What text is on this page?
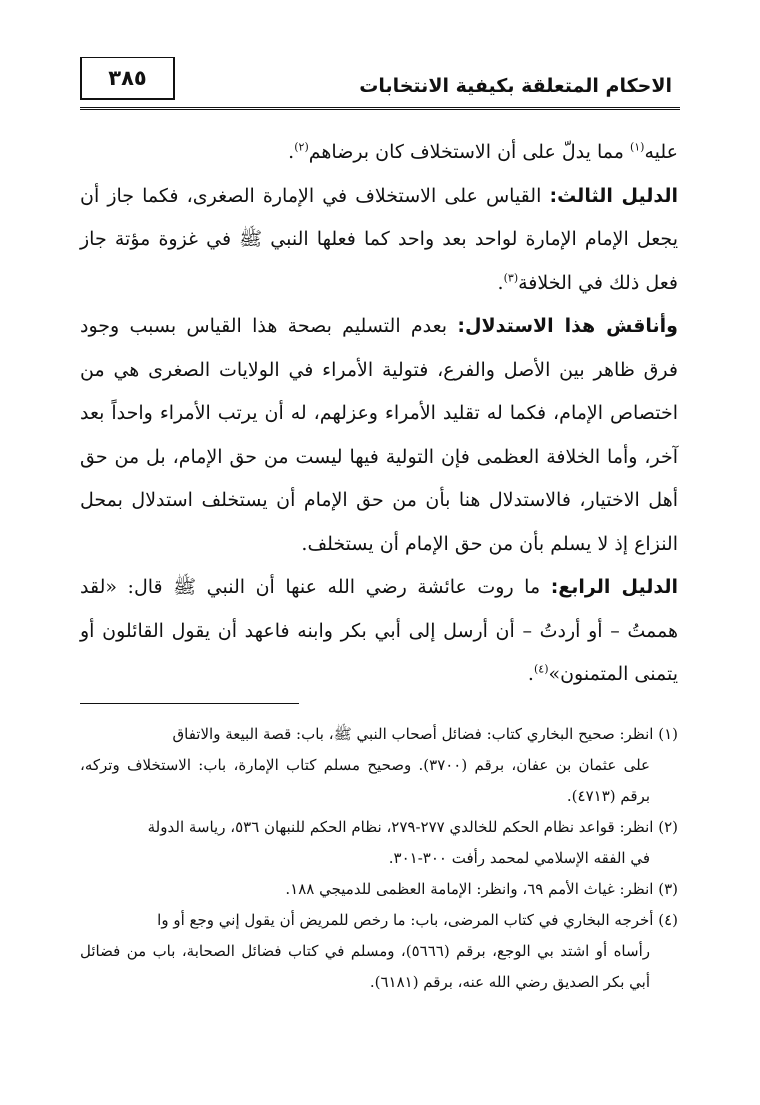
الاحكام المتعلقة بكيفية الانتخابات
٣٨٥

عليه$^{(١)}$ مما يدلّ على أن الاستخلاف كان برضاهم$^{(٢)}$.

الدليل الثالث: القياس على الاستخلاف في الإمارة الصغرى، فكما جاز أن يجعل الإمام الإمارة لواحد بعد واحد كما فعلها النبي ﷺ في غزوة مؤتة جاز فعل ذلك في الخلافة$^{(٣)}$.

وأناقش هذا الاستدلال: بعدم التسليم بصحة هذا القياس بسبب وجود فرق ظاهر بين الأصل والفرع، فتولية الأمراء في الولايات الصغرى هي من اختصاص الإمام، فكما له تقليد الأمراء وعزلهم، له أن يرتب الأمراء واحداً بعد آخر، وأما الخلافة العظمى فإن التولية فيها ليست من حق الإمام، بل من حق أهل الاختيار، فالاستدلال هنا بأن من حق الإمام أن يستخلف استدلال بمحل النزاع إذ لا يسلم بأن من حق الإمام أن يستخلف.

الدليل الرابع: ما روت عائشة رضي الله عنها أن النبي ﷺ قال: «لقد هممتُ – أو أردتُ – أن أرسل إلى أبي بكر وابنه فاعهد أن يقول القائلون أو يتمنى المتمنون»$^{(٤)}$.

(١) انظر: صحيح البخاري كتاب: فضائل أصحاب النبي ﷺ، باب: قصة البيعة والاتفاق

على عثمان بن عفان، برقم (٣٧٠٠). وصحيح مسلم كتاب الإمارة، باب: الاستخلاف وتركه، برقم (٤٧١٣).

(٢) انظر: قواعد نظام الحكم للخالدي ٢٧٧-٢٧٩، نظام الحكم للنبهان ٥٣٦، رياسة الدولة

في الفقه الإسلامي لمحمد رأفت ٣٠٠-٣٠١.

(٣) انظر: غياث الأمم ٦٩، وانظر: الإمامة العظمى للدميجي ١٨٨.

(٤) أخرجه البخاري في كتاب المرضى، باب: ما رخص للمريض أن يقول إني وجع أو وا

رأساه أو اشتد بي الوجع، برقم (٥٦٦٦)، ومسلم في كتاب فضائل الصحابة، باب من فضائل أبي بكر الصديق رضي الله عنه، برقم (٦١٨١).
